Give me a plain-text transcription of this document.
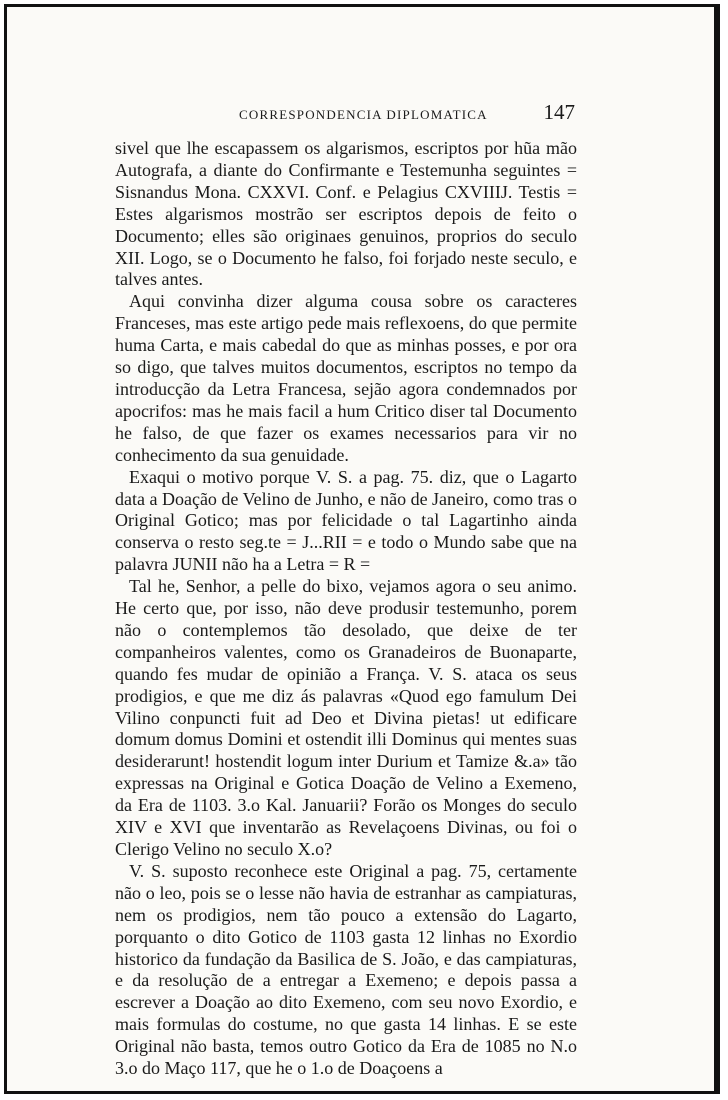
CORRESPONDENCIA DIPLOMATICA	147

sivel que lhe escapassem os algarismos, escriptos por hũa mão Autografa, a diante do Confirmante e Testemunha seguintes = Sisnandus Mona. CXXVI. Conf. e Pelagius CXVIIIJ. Testis = Estes algarismos mostrão ser escriptos depois de feito o Documento; elles são originaes genuinos, proprios do seculo XII. Logo, se o Documento he falso, foi forjado neste seculo, e talves antes.

Aqui convinha dizer alguma cousa sobre os caracteres Franceses, mas este artigo pede mais reflexoens, do que permite huma Carta, e mais cabedal do que as minhas posses, e por ora so digo, que talves muitos documentos, escriptos no tempo da introducção da Letra Francesa, sejão agora condemnados por apocrifos: mas he mais facil a hum Critico diser tal Documento he falso, de que fazer os exames necessarios para vir no conhecimento da sua genuidade.

Exaqui o motivo porque V. S. a pag. 75. diz, que o Lagarto data a Doação de Velino de Junho, e não de Janeiro, como tras o Original Gotico; mas por felicidade o tal Lagartinho ainda conserva o resto seg.te = J...RII = e todo o Mundo sabe que na palavra JUNII não ha a Letra = R =

Tal he, Senhor, a pelle do bixo, vejamos agora o seu animo. He certo que, por isso, não deve produsir testemunho, porem não o contemplemos tão desolado, que deixe de ter companheiros valentes, como os Granadeiros de Buonaparte, quando fes mudar de opinião a França. V. S. ataca os seus prodigios, e que me diz ás palavras «Quod ego famulum Dei Vilino conpuncti fuit ad Deo et Divina pietas! ut edificare domum domus Domini et ostendit illi Dominus qui mentes suas desiderarunt! hostendit logum inter Durium et Tamize &.a» tão expressas na Original e Gotica Doação de Velino a Exemeno, da Era de 1103. 3.o Kal. Januarii? Forão os Monges do seculo XIV e XVI que inventarão as Revelaçoens Divinas, ou foi o Clerigo Velino no seculo X.o?

V. S. suposto reconhece este Original a pag. 75, certamente não o leo, pois se o lesse não havia de estranhar as campiaturas, nem os prodigios, nem tão pouco a extensão do Lagarto, porquanto o dito Gotico de 1103 gasta 12 linhas no Exordio historico da fundação da Basilica de S. João, e das campiaturas, e da resolução de a entregar a Exemeno; e depois passa a escrever a Doação ao dito Exemeno, com seu novo Exordio, e mais formulas do costume, no que gasta 14 linhas. E se este Original não basta, temos outro Gotico da Era de 1085 no N.o 3.o do Maço 117, que he o 1.o de Doaçoens a
